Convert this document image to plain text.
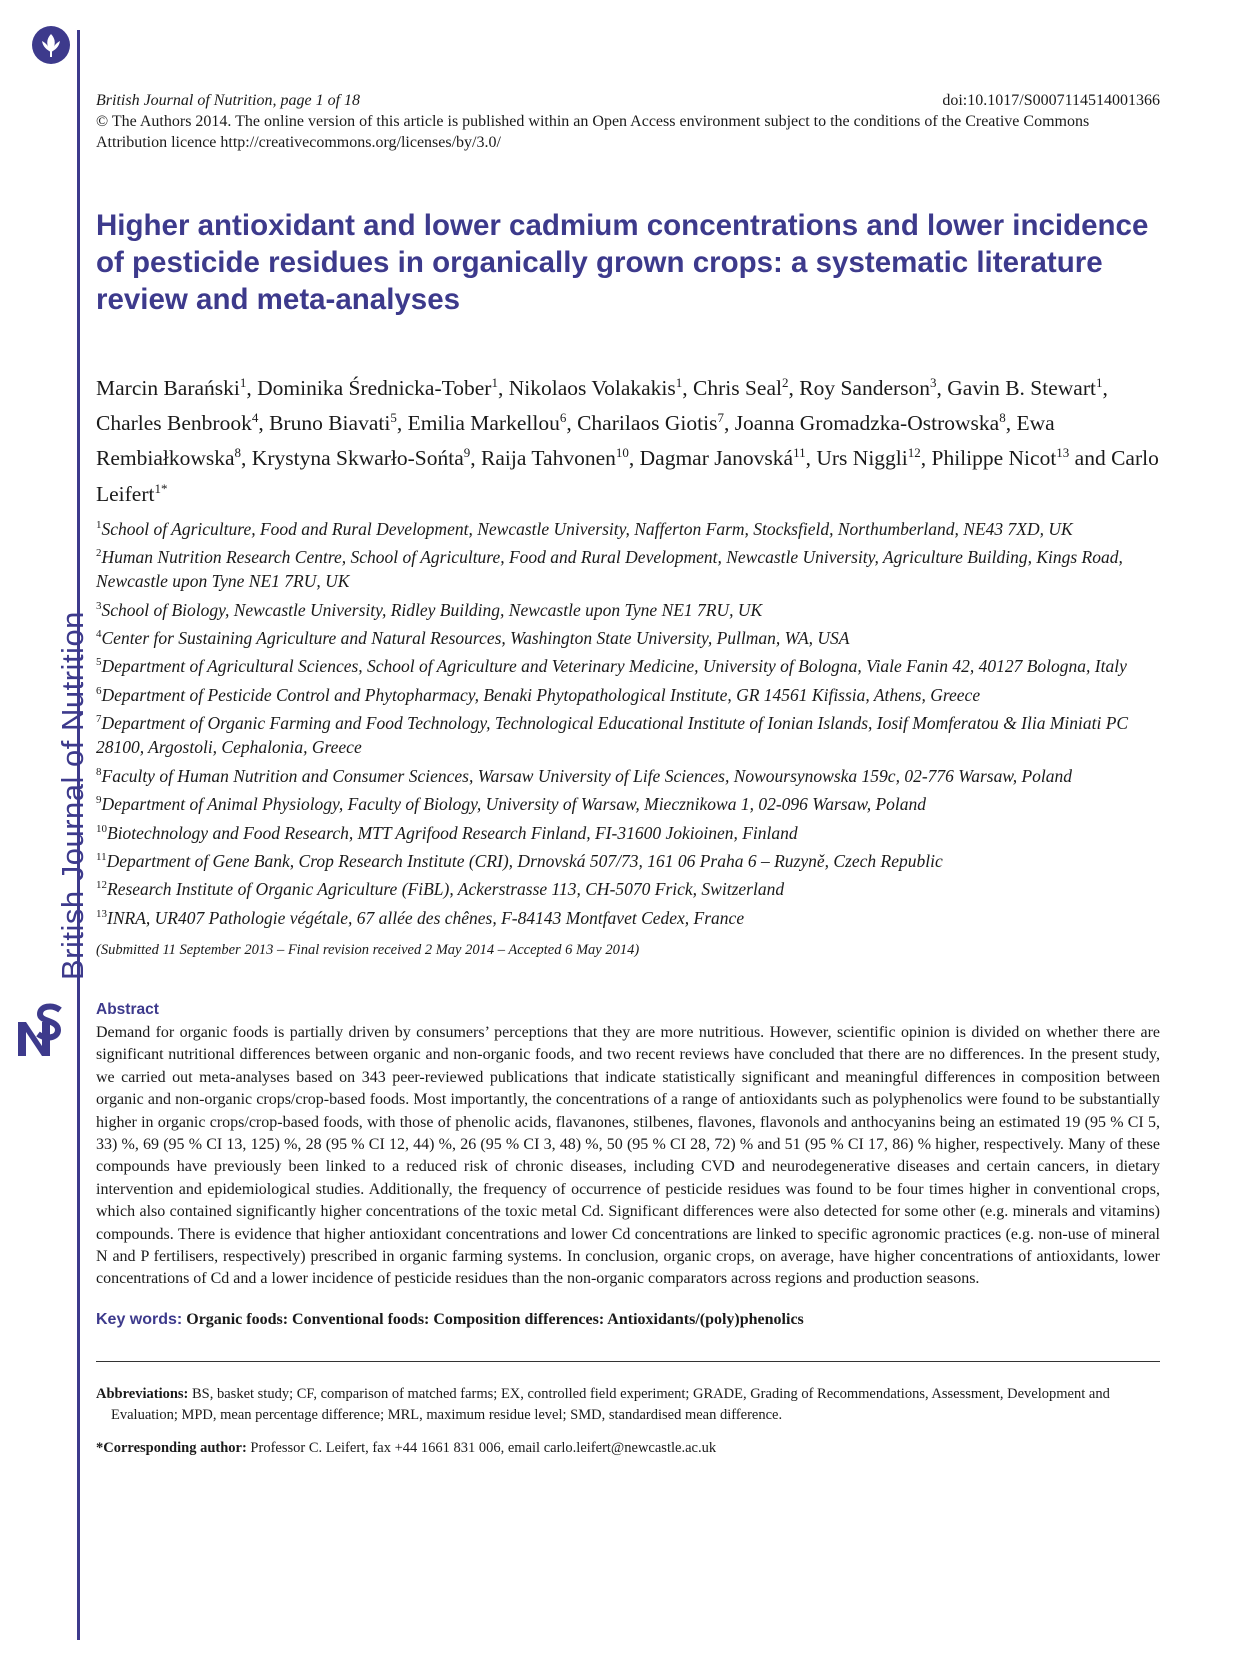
British Journal of Nutrition
British Journal of Nutrition, page 1 of 18	doi:10.1017/S0007114514001366
© The Authors 2014. The online version of this article is published within an Open Access environment subject to the conditions of the Creative Commons Attribution licence http://creativecommons.org/licenses/by/3.0/
Higher antioxidant and lower cadmium concentrations and lower incidence of pesticide residues in organically grown crops: a systematic literature review and meta-analyses
Marcin Barański$^1$, Dominika Średnicka-Tober$^1$, Nikolaos Volakakis$^1$, Chris Seal$^2$, Roy Sanderson$^3$, Gavin B. Stewart$^1$, Charles Benbrook$^4$, Bruno Biavati$^5$, Emilia Markellou$^6$, Charilaos Giotis$^7$, Joanna Gromadzka-Ostrowska$^8$, Ewa Rembiałkowska$^8$, Krystyna Skwarło-Sońta$^9$, Raija Tahvonen$^{10}$, Dagmar Janovská$^{11}$, Urs Niggli$^{12}$, Philippe Nicot$^{13}$ and Carlo Leifert$^{1*}$
$^1$School of Agriculture, Food and Rural Development, Newcastle University, Nafferton Farm, Stocksfield, Northumberland, NE43 7XD, UK
$^2$Human Nutrition Research Centre, School of Agriculture, Food and Rural Development, Newcastle University, Agriculture Building, Kings Road, Newcastle upon Tyne NE1 7RU, UK
$^3$School of Biology, Newcastle University, Ridley Building, Newcastle upon Tyne NE1 7RU, UK
$^4$Center for Sustaining Agriculture and Natural Resources, Washington State University, Pullman, WA, USA
$^5$Department of Agricultural Sciences, School of Agriculture and Veterinary Medicine, University of Bologna, Viale Fanin 42, 40127 Bologna, Italy
$^6$Department of Pesticide Control and Phytopharmacy, Benaki Phytopathological Institute, GR 14561 Kifissia, Athens, Greece
$^7$Department of Organic Farming and Food Technology, Technological Educational Institute of Ionian Islands, Iosif Momferatou & Ilia Miniati PC 28100, Argostoli, Cephalonia, Greece
$^8$Faculty of Human Nutrition and Consumer Sciences, Warsaw University of Life Sciences, Nowoursynowska 159c, 02-776 Warsaw, Poland
$^9$Department of Animal Physiology, Faculty of Biology, University of Warsaw, Miecznikowa 1, 02-096 Warsaw, Poland
$^{10}$Biotechnology and Food Research, MTT Agrifood Research Finland, FI-31600 Jokioinen, Finland
$^{11}$Department of Gene Bank, Crop Research Institute (CRI), Drnovská 507/73, 161 06 Praha 6 – Ruzyně, Czech Republic
$^{12}$Research Institute of Organic Agriculture (FiBL), Ackerstrasse 113, CH-5070 Frick, Switzerland
$^{13}$INRA, UR407 Pathologie végétale, 67 allée des chênes, F-84143 Montfavet Cedex, France
(Submitted 11 September 2013 – Final revision received 2 May 2014 – Accepted 6 May 2014)
Abstract
Demand for organic foods is partially driven by consumers’ perceptions that they are more nutritious. However, scientific opinion is divided on whether there are significant nutritional differences between organic and non-organic foods, and two recent reviews have concluded that there are no differences. In the present study, we carried out meta-analyses based on 343 peer-reviewed publications that indicate statistically significant and meaningful differences in composition between organic and non-organic crops/crop-based foods. Most importantly, the concentrations of a range of antioxidants such as polyphenolics were found to be substantially higher in organic crops/crop-based foods, with those of phenolic acids, flavanones, stilbenes, flavones, flavonols and anthocyanins being an estimated 19 (95 % CI 5, 33) %, 69 (95 % CI 13, 125) %, 28 (95 % CI 12, 44) %, 26 (95 % CI 3, 48) %, 50 (95 % CI 28, 72) % and 51 (95 % CI 17, 86) % higher, respectively. Many of these compounds have previously been linked to a reduced risk of chronic diseases, including CVD and neurodegenerative diseases and certain cancers, in dietary intervention and epidemiological studies. Additionally, the frequency of occurrence of pesticide residues was found to be four times higher in conventional crops, which also contained significantly higher concentrations of the toxic metal Cd. Significant differences were also detected for some other (e.g. minerals and vitamins) compounds. There is evidence that higher antioxidant concentrations and lower Cd concentrations are linked to specific agronomic practices (e.g. non-use of mineral N and P fertilisers, respectively) prescribed in organic farming systems. In conclusion, organic crops, on average, have higher concentrations of antioxidants, lower concentrations of Cd and a lower incidence of pesticide residues than the non-organic comparators across regions and production seasons.
Key words: Organic foods: Conventional foods: Composition differences: Antioxidants/(poly)phenolics
Abbreviations: BS, basket study; CF, comparison of matched farms; EX, controlled field experiment; GRADE, Grading of Recommendations, Assessment, Development and Evaluation; MPD, mean percentage difference; MRL, maximum residue level; SMD, standardised mean difference.
*Corresponding author: Professor C. Leifert, fax +44 1661 831 006, email carlo.leifert@newcastle.ac.uk
